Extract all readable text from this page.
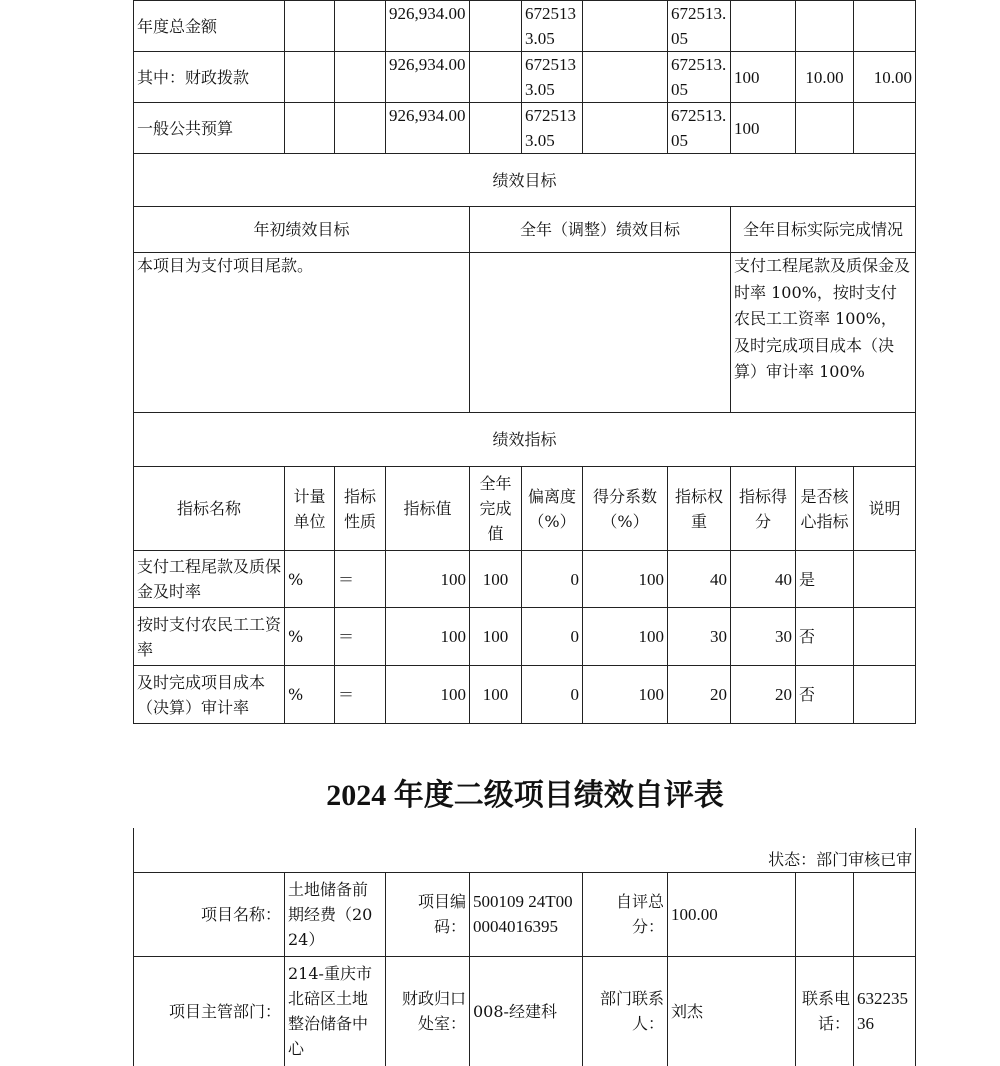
年度总金额			926,934.00		6725133.05		672513.05			
其中：财政拨款			926,934.00		6725133.05		672513.05	100	10.00	10.00
一般公共预算			926,934.00		6725133.05		672513.05	100		
绩效目标										
年初绩效目标				全年（调整）绩效目标				全年目标实际完成情况		
本项目为支付项目尾款。								支付工程尾款及质保金及时率 100%，按时支付农民工工资率 100%，及时完成项目成本（决算）审计率 100%		
绩效指标										
指标名称	计量单位	指标性质	指标值	全年完成值	偏离度（%）	得分系数（%）	指标权重	指标得分	是否核心指标	说明
支付工程尾款及质保金及时率	%	＝	100	100	0	100	40	40	是	
按时支付农民工工资率	%	＝	100	100	0	100	30	30	否	
及时完成项目成本（决算）审计率	%	＝	100	100	0	100	20	20	否	
2024 年度二级项目绩效自评表
状态：部门审核已审							
项目名称：	土地储备前期经费（2024）	项目编码：	500109 24T000004016395	自评总分：	100.00		
项目主管部门：	214-重庆市北碚区土地整治储备中心	财政归口处室：	008-经建科	部门联系人：	刘杰	联系电话：	63223536
